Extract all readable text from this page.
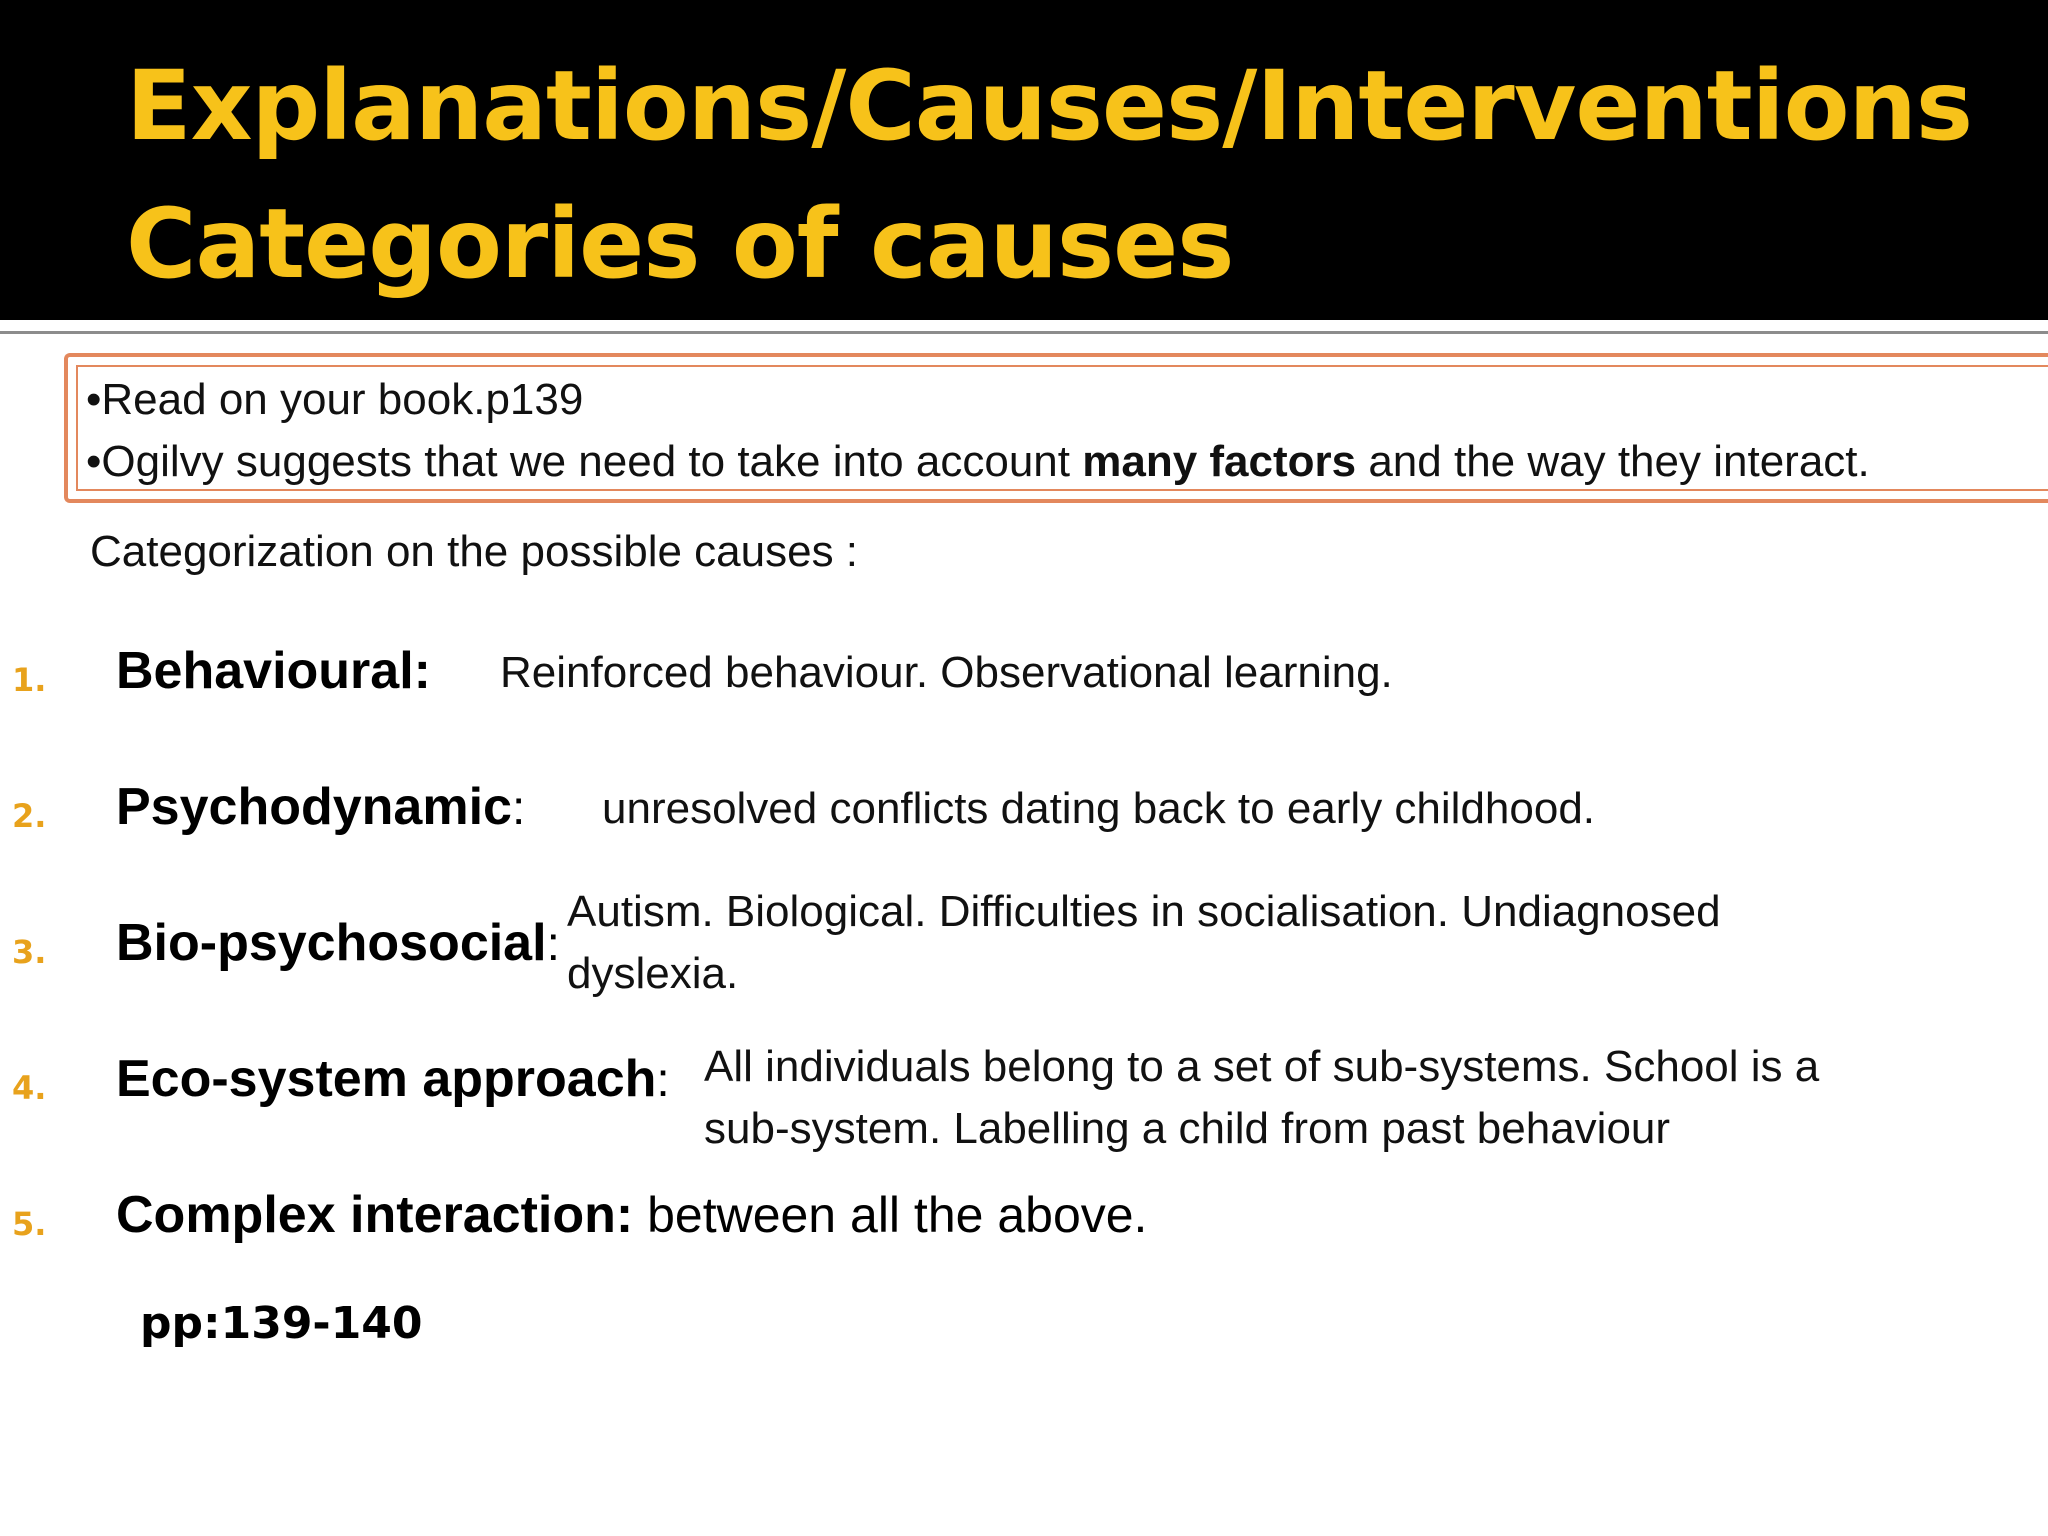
Explanations/Causes/Interventions
Categories of causes

•Read on your book.p139

•Ogilvy suggests that we need to take into account many factors and the way they interact.

Categorization on the possible causes :

1. Behavioural: Reinforced behaviour. Observational learning.
2. Psychodynamic: unresolved conflicts dating back to early childhood.
3. Bio-psychosocial:
Autism. Biological. Difficulties in socialisation. Undiagnosed
dyslexia.
4. Eco-system approach: All individuals belong to a set of sub-systems. School is a
sub-system. Labelling a child from past behaviour
5. Complex interaction: between all the above.

pp:139-140
